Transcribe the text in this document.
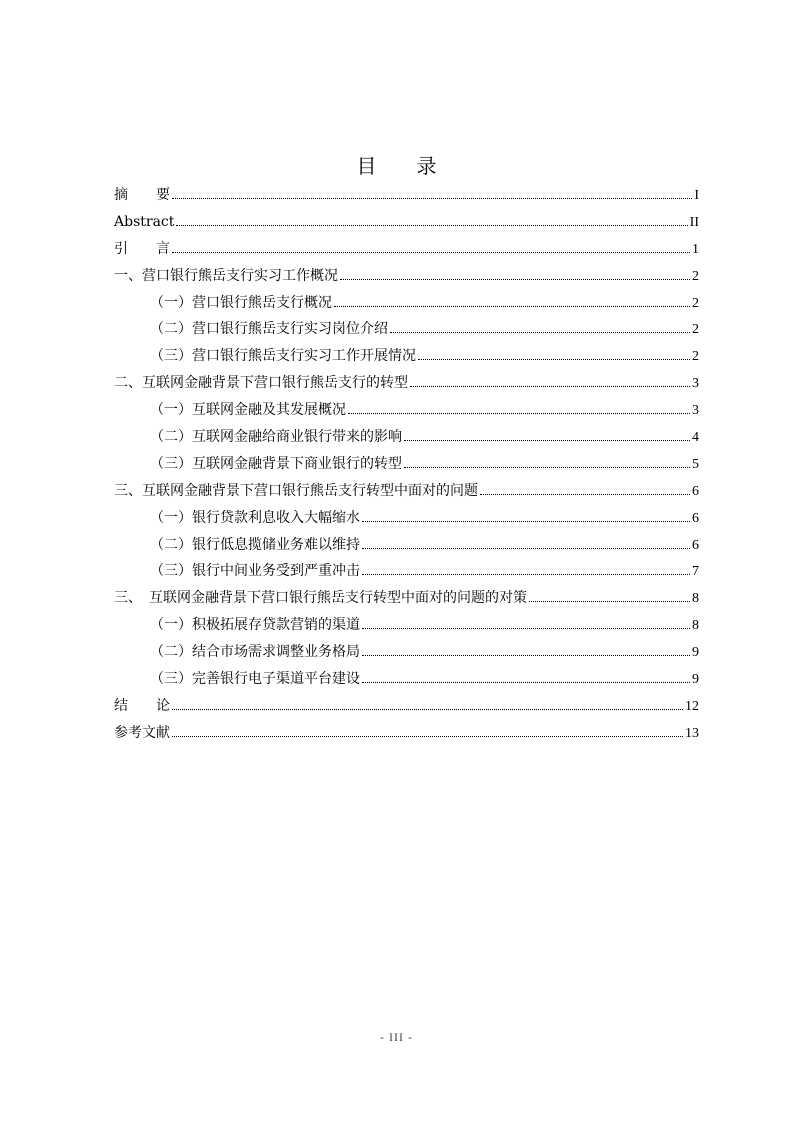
目　　录
摘　　要	I
Abstract	II
引　　言	1
一、营口银行熊岳支行实习工作概况	2
（一）营口银行熊岳支行概况	2
（二）营口银行熊岳支行实习岗位介绍	2
（三）营口银行熊岳支行实习工作开展情况	2
二、互联网金融背景下营口银行熊岳支行的转型	3
（一）互联网金融及其发展概况	3
（二）互联网金融给商业银行带来的影响	4
（三）互联网金融背景下商业银行的转型	5
三、互联网金融背景下营口银行熊岳支行转型中面对的问题	6
（一）银行贷款利息收入大幅缩水	6
（二）银行低息揽储业务难以维持	6
（三）银行中间业务受到严重冲击	7
三、　互联网金融背景下营口银行熊岳支行转型中面对的问题的对策	8
（一）积极拓展存贷款营销的渠道	8
（二）结合市场需求调整业务格局	9
（三）完善银行电子渠道平台建设	9
结　　论	12
参考文献	13
- III -
